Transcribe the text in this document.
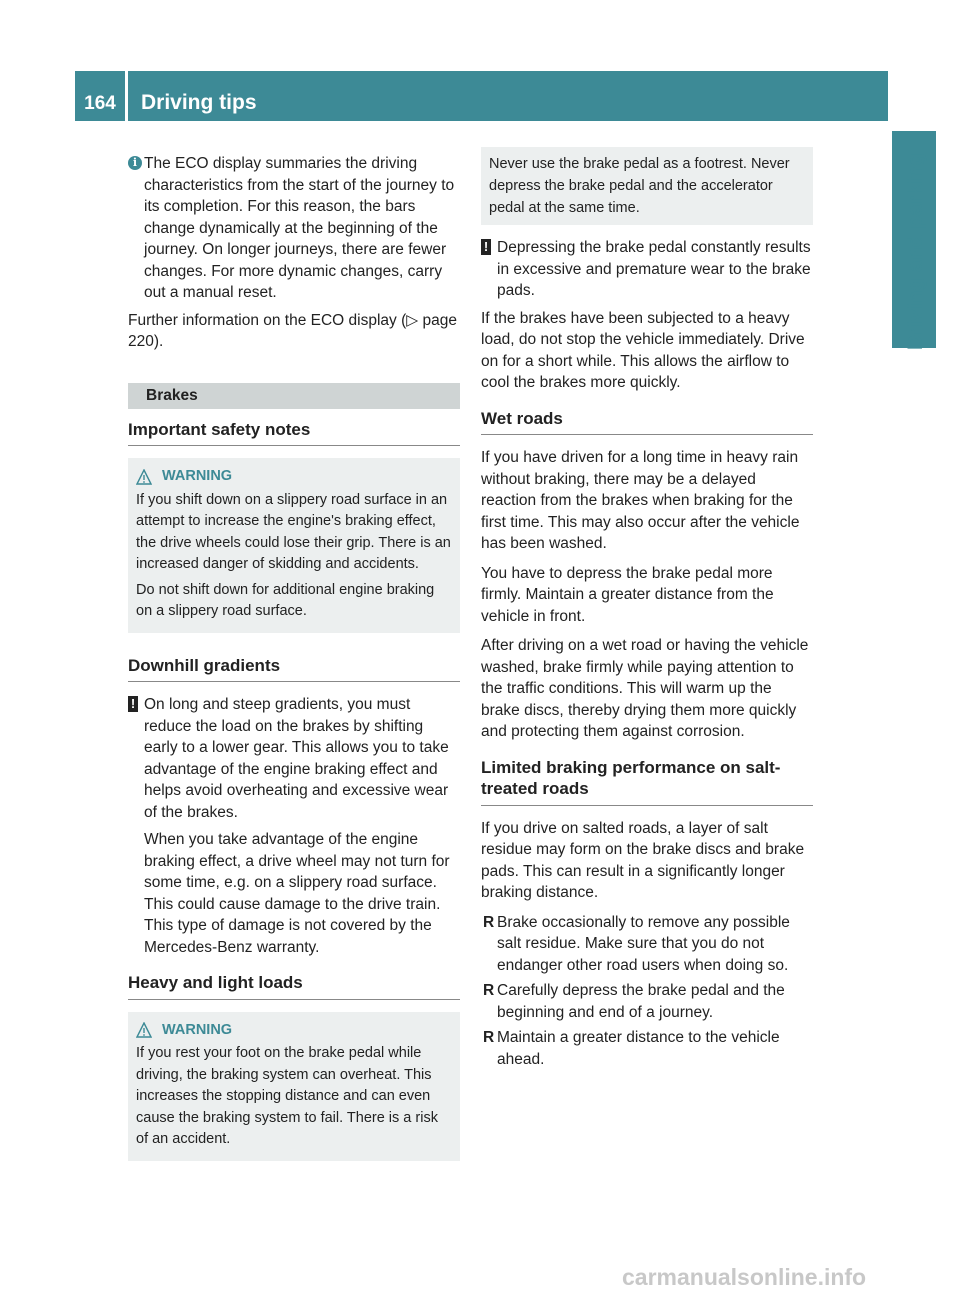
164	Driving tips
Driving and parking
i The ECO display summaries the driving characteristics from the start of the journey to its completion. For this reason, the bars change dynamically at the beginning of the journey. On longer journeys, there are fewer changes. For more dynamic changes, carry out a manual reset.

Further information on the ECO display (▷ page 220).

Brakes
Important safety notes
WARNING

If you shift down on a slippery road surface in an attempt to increase the engine's braking effect, the drive wheels could lose their grip. There is an increased danger of skidding and accidents.

Do not shift down for additional engine braking on a slippery road surface.

Downhill gradients
! On long and steep gradients, you must reduce the load on the brakes by shifting early to a lower gear. This allows you to take advantage of the engine braking effect and helps avoid overheating and excessive wear of the brakes.

When you take advantage of the engine braking effect, a drive wheel may not turn for some time, e.g. on a slippery road surface. This could cause damage to the drive train. This type of damage is not covered by the Mercedes-Benz warranty.

Heavy and light loads
WARNING

If you rest your foot on the brake pedal while driving, the braking system can overheat. This increases the stopping distance and can even cause the braking system to fail. There is a risk of an accident.

Never use the brake pedal as a footrest. Never depress the brake pedal and the accelerator pedal at the same time.
! Depressing the brake pedal constantly results in excessive and premature wear to the brake pads.

If the brakes have been subjected to a heavy load, do not stop the vehicle immediately. Drive on for a short while. This allows the airflow to cool the brakes more quickly.

Wet roads

If you have driven for a long time in heavy rain without braking, there may be a delayed reaction from the brakes when braking for the first time. This may also occur after the vehicle has been washed.

You have to depress the brake pedal more firmly. Maintain a greater distance from the vehicle in front.

After driving on a wet road or having the vehicle washed, brake firmly while paying attention to the traffic conditions. This will warm up the brake discs, thereby drying them more quickly and protecting them against corrosion.

Limited braking performance on salt-treated roads

If you drive on salted roads, a layer of salt residue may form on the brake discs and brake pads. This can result in a significantly longer braking distance.

R Brake occasionally to remove any possible salt residue. Make sure that you do not endanger other road users when doing so.
R Carefully depress the brake pedal and the beginning and end of a journey.
R Maintain a greater distance to the vehicle ahead.
carmanualsonline.info
